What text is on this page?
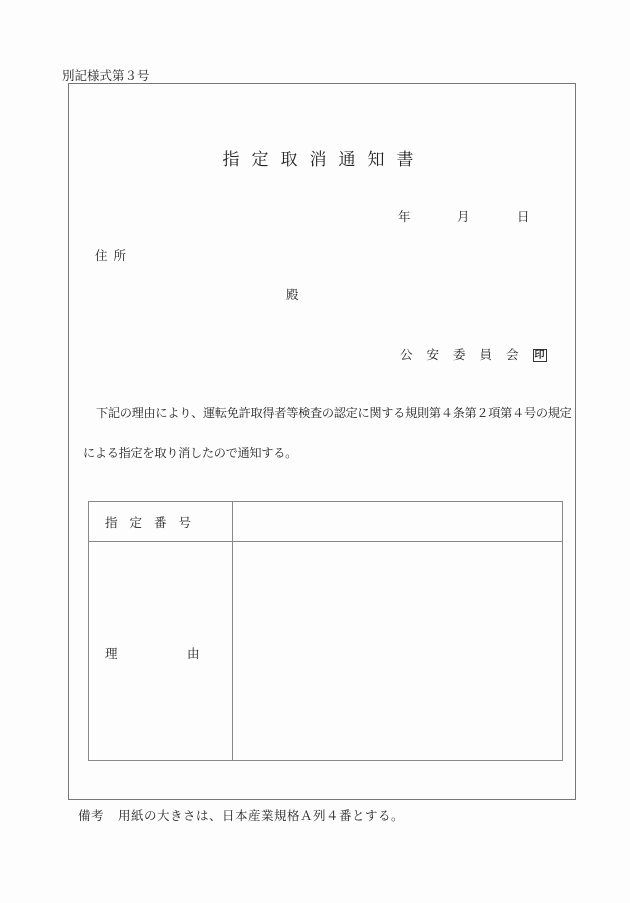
別記様式第３号
指定取消通知書
年	月	日
住所
殿
公安委員会 印
下記の理由により、運転免許取得者等検査の認定に関する規則第４条第２項第４号の規定
による指定を取り消したので通知する。
指定番号	

理 由	

備考 用紙の大きさは、日本産業規格Ａ列４番とする。
